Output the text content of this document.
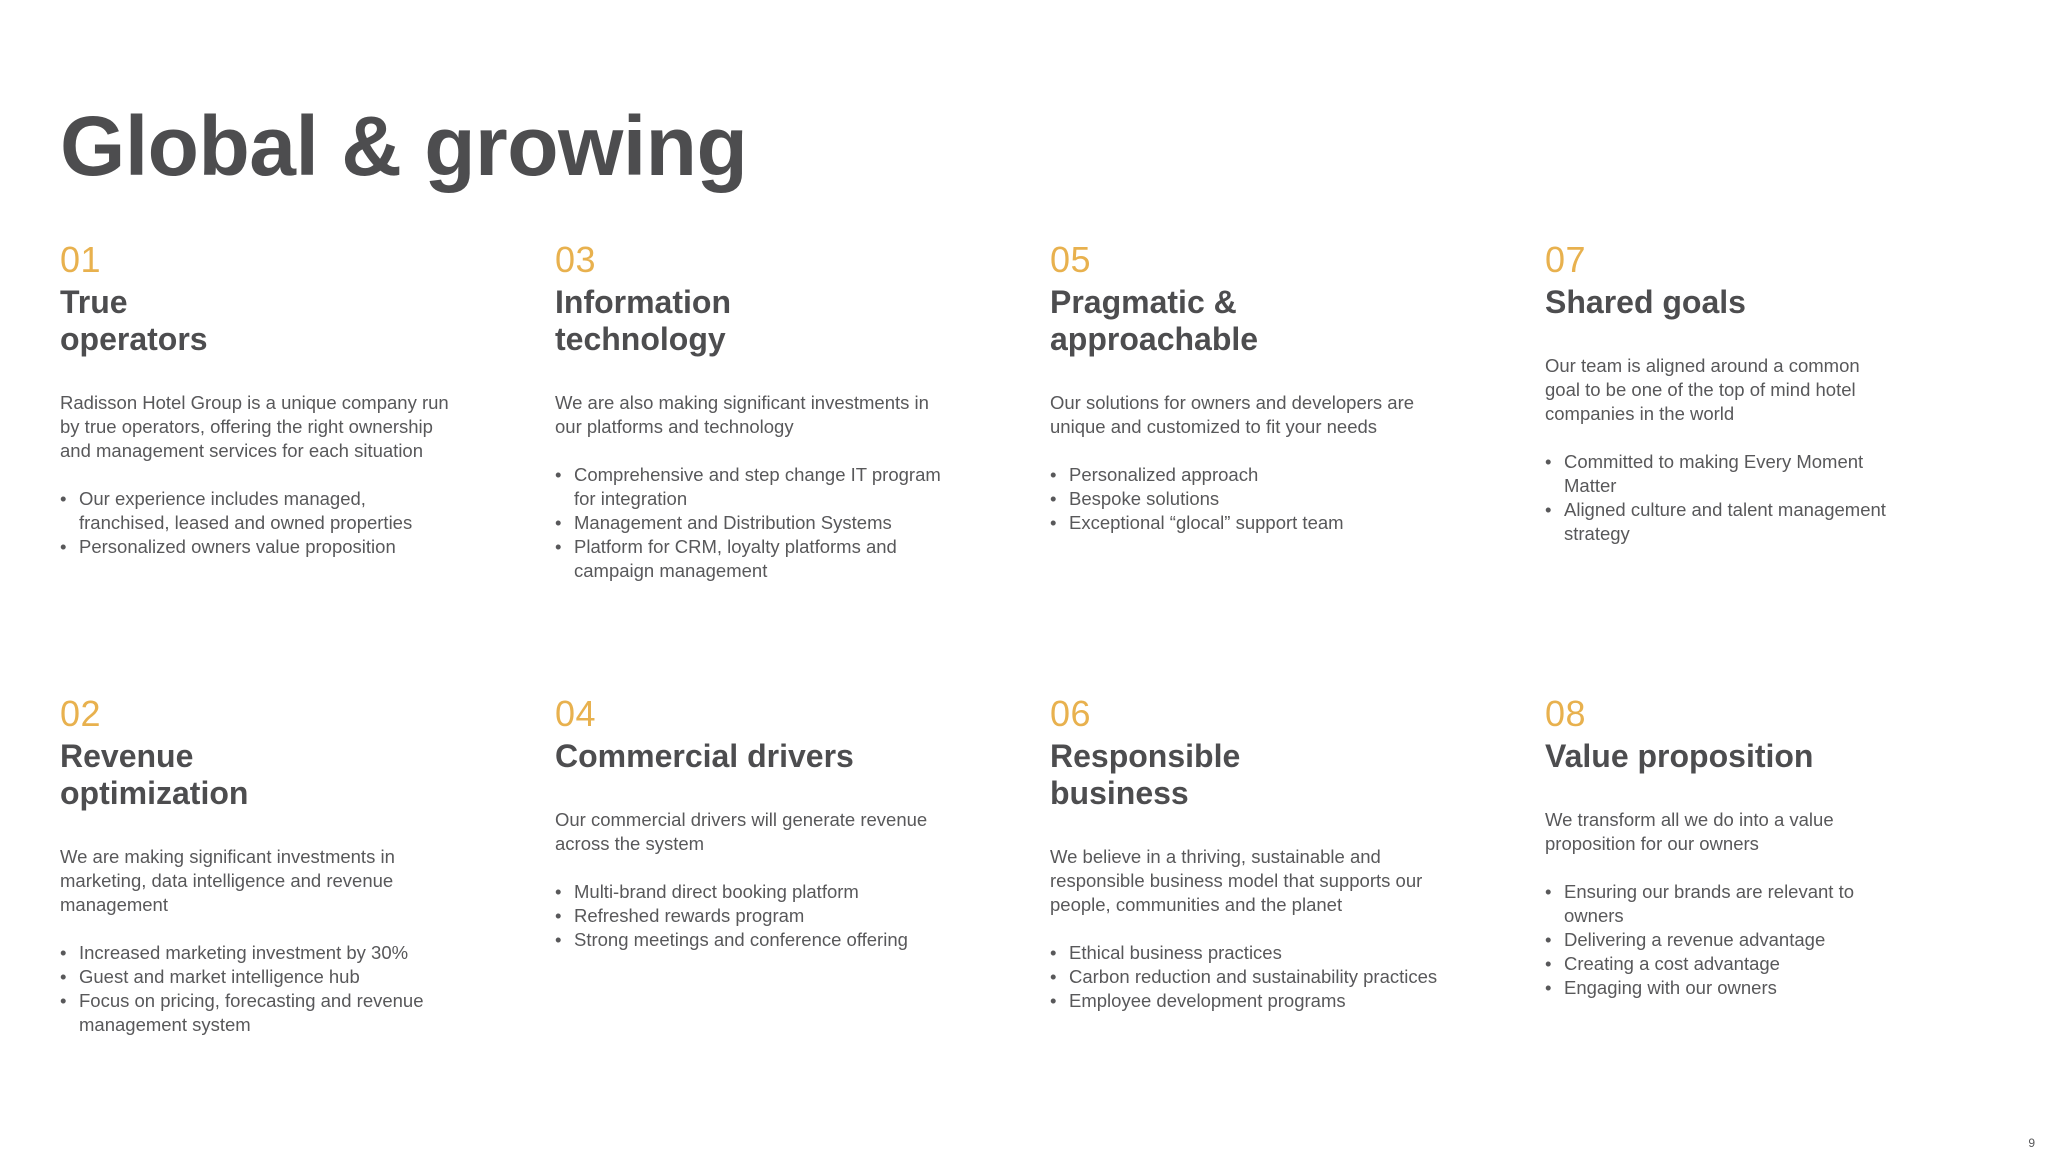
Global & growing
01
True
operators

Radisson Hotel Group is a unique company run by true operators, offering the right ownership and management services for each situation

• Our experience includes managed, franchised, leased and owned properties
• Personalized owners value proposition
02
Revenue
optimization

We are making significant investments in marketing, data intelligence and revenue management

• Increased marketing investment by 30%
• Guest and market intelligence hub
• Focus on pricing, forecasting and revenue management system
03
Information
technology

We are also making significant investments in our platforms and technology

• Comprehensive and step change IT program for integration
• Management and Distribution Systems
• Platform for CRM, loyalty platforms and campaign management
04
Commercial drivers

Our commercial drivers will generate revenue across the system

• Multi-brand direct booking platform
• Refreshed rewards program
• Strong meetings and conference offering
05
Pragmatic &
approachable

Our solutions for owners and developers are unique and customized to fit your needs

• Personalized approach
• Bespoke solutions
• Exceptional “glocal” support team
06
Responsible
business

We believe in a thriving, sustainable and responsible business model that supports our people, communities and the planet

• Ethical business practices
• Carbon reduction and sustainability practices
• Employee development programs
07
Shared goals

Our team is aligned around a common goal to be one of the top of mind hotel companies in the world

• Committed to making Every Moment Matter
• Aligned culture and talent management strategy
08
Value proposition

We transform all we do into a value proposition for our owners

• Ensuring our brands are relevant to owners
• Delivering a revenue advantage
• Creating a cost advantage
• Engaging with our owners
9
